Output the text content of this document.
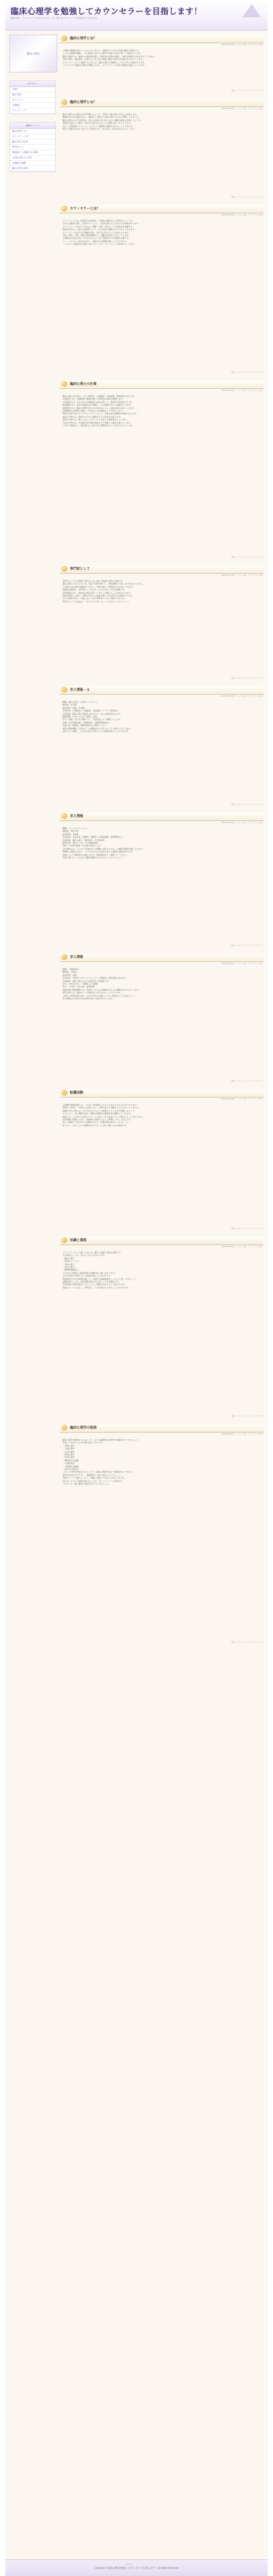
臨床心理学を勉強してカウンセラーを目指します！
臨床心理士、カウンセラーになるためには？ そして様々なカウンセリング技法を学んで行きます。
臨床心理学
カテゴリー
心理学
臨床心理学
カウンセラー
心理療法
カウンセリング
最新エントリ
臨床心理学とは？
カウンセラーとは？
臨床心理士の仕事
専門家として
資格取得・心理職の求人情報
大学院の選び方と学習
心理療法の種類
臨床心理学の研究
臨床心理学とは？
2008年04月03日　コメント(0)　トラックバック(0)
心理的な問題を抱えている人たちに対して、援助を行うための学問が臨床心理学です。
人の心の問題を理解し、その解決に向けて心理学の知識と技法を用いて支援を行います。
臨床心理学では、面接や心理検査を通じて相談者の状態を把握し、適切な援助の方法を考えていきます。
学校や病院、福祉施設、企業などさまざまな場面で臨床心理学の知識が活かされています。
カウンセラーとして活動するためには、臨床心理学の基礎をしっかりと学ぶ必要があります。
このブログでは臨床心理学を勉強しながら、カウンセラーを目指す過程を記録していきます。
固定リンク｜コメント｜トラックバック
臨床心理学とは？
2008年04月02日　コメント(0)　トラックバック(0)
臨床心理学は心理学の応用分野のひとつで、実際の人間の悩みや苦しみを扱います。
精神医学や社会福祉学など、隣接する分野とも密接に関わりながら発展してきました。
臨床心理学の大きな特徴は、個人の内面に寄り添いながら問題の解決を目指すことです。
相談者の話をよく聴き、気持ちを受け止めることが援助の第一歩となります。
また、心理検査やアセスメントによって客観的な理解を深めることも大切です。
研究と実践の両方を大切にする学問であり、常に新しい知見が求められています。
固定リンク｜コメント｜トラックバック
カウンセラーとは？
2008年04月01日　コメント(0)　トラックバック(0)
カウンセラーとは、相談者の話を聴き、心理的な援助を行う専門家のことです。
日本では臨床心理士、産業カウンセラー、学校心理士などさまざまな資格があります。
カウンセラーに求められるのは、傾聴・共感・受容といった基本的な姿勢です。
相談者が安心して話せる環境をつくり、自分自身で問題に気づけるよう支えます。
カウンセラー自身も自己理解を深め、常に学び続けることが求められます。
学校、病院、企業、地域の相談機関など、活躍の場は年々広がっています。
心理療法の技法を身につけるためには、長い時間をかけた訓練が必要です。
スーパービジョンを受けながら、実践の中で経験を積むことが大切です。
一人ひとりの相談者に誠実に向き合うことが、カウンセラーの基本だといえます。
固定リンク｜コメント｜トラックバック
臨床心理士の仕事
2008年03月31日　コメント(0)　トラックバック(0)
臨床心理士の仕事は、主に心理査定、心理面接、地域援助、調査研究の四つです。
心理査定では、心理検査や面接を通して相談者の状態を理解します。
心理面接では、さまざまな心理療法の技法を用いて、相談者の回復を支えます。
地域援助では、学校や地域社会と連携し、心の健康を支える活動を行います。
調査研究では、臨床の現場で得られた知見をもとに、援助の質を高めていきます。
医療機関では医師と連携し、患者さんの心理的なケアを担当します。
教育の分野ではスクールカウンセラーとして、児童生徒や保護者の相談に応じます。
福祉の分野では、障害のある方や高齢者とその家族を支援します。
産業の分野では、働く人のメンタルヘルスを支える役割を担っています。
司法の分野では、家庭裁判所や矯正施設などで活動する臨床心理士もいます。
いずれの場面でも、相談者の心に寄り添う姿勢が何よりも大切にされています。
固定リンク｜コメント｜トラックバック
専門家として
2008年03月30日　コメント(0)　トラックバック(0)
専門家として心の援助に携わるには、確かな知識と技術が必要です。
臨床心理士になるためには、指定大学院を修了し、資格試験に合格しなければなりません。
大学院では心理学の理論だけでなく、実習を通して実践的な力を身につけます。
倫理的な配慮も、専門家として欠かすことのできない大切な要素です。
守秘義務を守り、相談者の利益を第一に考えて行動することが求められます。
資格を取得した後も、研修や学会への参加を通して学び続ける必要があります。
自分の限界を知り、必要に応じて他の専門家につなぐ判断も大切です。
専門家としての成長は、一生をかけて続いていくものだといえるでしょう。
固定リンク｜コメント｜トラックバック
求人情報 - 1
2008年03月29日　コメント(0)　トラックバック(0)
職種：臨床心理士（心理カウンセラー）
勤務地：東京都
雇用形態：常勤・非常勤
仕事内容：心理検査、心理面接、家族相談、デイケア業務ほか
応募資格：臨床心理士資格をお持ちの方、または取得見込みの方
勤務時間：9:00〜17:00（週休二日制）
給与：経験・能力を考慮のうえ、当院規定により優遇いたします
待遇：社会保険完備、交通費支給、各種研修制度あり
応募方法：履歴書、職務経歴書をご郵送ください
病院や相談機関、学校など、心理職の求人は年々少しずつ増えてきています。
条件をよく確認し、自分の目指す分野に合った職場を探すことが大切です。
固定リンク｜コメント｜トラックバック
求人情報
2008年03月28日　コメント(0)　トラックバック(0)
職種：スクールカウンセラー
勤務地：神奈川県
雇用形態：非常勤
仕事内容：児童生徒・保護者・教職員への相談援助、研修講師など
応募資格：臨床心理士、精神科医、大学教員等
勤務日数：週1日〜2日（1日8時間程度）
時給：5,000円程度（自治体の規定による）
学校現場では、いじめや不登校などの問題に対応するため、心理職の配置が進んでいます。
教職員と連携しながら、子どもたちの心の成長を支える重要な役割を担います。
地域によって勤務条件が異なるため、募集要項をよく確認してください。
応募の際には、これまでの臨床経験をまとめておくとよいでしょう。
固定リンク｜コメント｜トラックバック
求人情報
2008年03月27日　コメント(0)　トラックバック(0)
職種：心理相談員
勤務地：大阪府
雇用形態：常勤
仕事内容：来談者へのカウンセリング、心理検査、相談記録の作成など
応募資格：臨床心理士または心理学系大学院修了者
給与：月給22万円〜（経験により優遇）
休日：土日祝、年末年始、夏季休暇
福祉施設や相談機関では、地域の人々の心の健康を支える心理職が求められています。
採用の際には、面接やケース検討などが行われることもあります。
日頃から事例を振り返り、自分の考えを言葉にしておく練習をしておきましょう。
求人情報は大学院や学会の掲示板でも紹介されています。
固定リンク｜コメント｜トラックバック
転職活動
2008年03月26日　コメント(0)　トラックバック(0)
心理職の転職活動では、これまでの経験をどのように活かせるかが大切になります。
病院から学校へ、学校から企業へなど、分野を変えて活躍する人も少なくありません。
転職を考える際には、まず自分がどのような援助をしたいのかを整理しましょう。
そのうえで、求人情報を集め、職場の雰囲気や勤務条件を確認していきます。
面接では、これまでに担当したケースや身につけた技法について聞かれることがあります。
守秘義務に配慮しながら、具体的に説明できるよう準備しておくと安心です。
新しい職場でも学び続ける姿勢を忘れず、経験を積み重ねていきましょう。
焦らずに、自分に合った職場を見つけることが長く働くための秘訣です。
固定リンク｜コメント｜トラックバック
知識と資格
2008年03月25日　コメント(0)　トラックバック(0)
カウンセラーとして働くためには、幅広い知識と資格が必要です。
主な資格としては、次のようなものがあります。
・臨床心理士
・産業カウンセラー
・学校心理士
・認定心理士
・精神保健福祉士
それぞれの資格には取得条件や試験内容に違いがあります。
自分が目指す分野に合った資格を選ぶことが大切です。
資格取得のための勉強を通して、心理学の基礎知識をしっかりと身につけましょう。
試験対策としては、過去問題を繰り返し解くことが効果的です。
学習仲間と事例を検討し合うことも、理解を深めるうえで役立ちます。
資格はゴールではなく、専門家としての出発点だと考えることが大切です。
固定リンク｜コメント｜トラックバック
臨床心理学の勉強
2008年03月24日　コメント(0)　トラックバック(0)
臨床心理学を勉強するにあたって、まずは基礎的な心理学の知識を身につけましょう。
学習しておきたい主な分野は次のとおりです。
・発達心理学
・人格心理学
・社会心理学
・認知心理学
・学習心理学
・精神医学の基礎
・心理検査法
・心理療法の理論
・統計学と研究法
これらの分野を体系的に学ぶことで、臨床の現場で役立つ知識が身につきます。
教科書を読むだけでなく、事例研究にも取り組むとよいでしょう。
実際のケースに触れることで、理論と実践のつながりが見えてきます。
毎日少しずつでも勉強を続けることが、カウンセラーへの近道です。
これからも一緒に臨床心理学を学んでいきましょう。
固定リンク｜コメント｜トラックバック
« 1 2 »
Copyright © 臨床心理学を勉強してカウンセラーを目指します！ All Rights Reserved.
